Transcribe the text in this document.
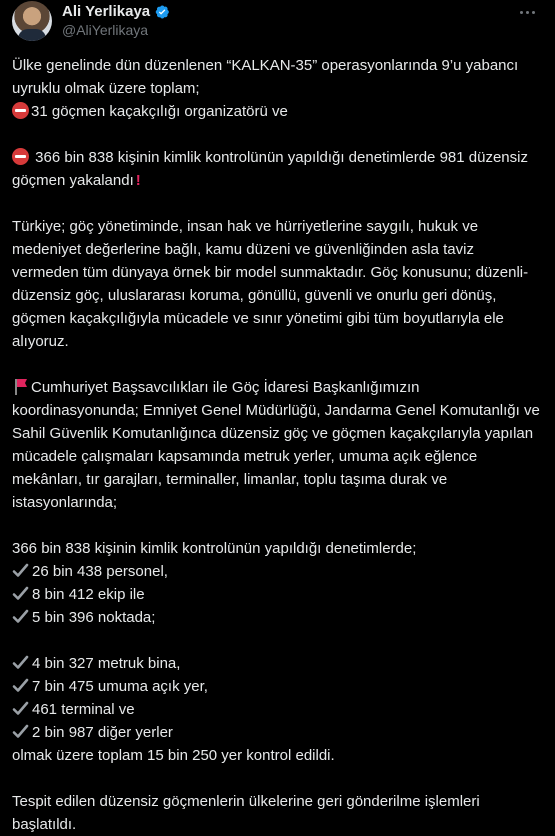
Ali Yerlikaya
@AliYerlikaya

Ülke genelinde dün düzenlenen “KALKAN-35” operasyonlarında 9’u yabancı uyruklu olmak üzere toplam;

31 göçmen kaçakçılığı organizatörü ve

366 bin 838 kişinin kimlik kontrolünün yapıldığı denetimlerde 981 düzensiz göçmen yakalandı !

Türkiye; göç yönetiminde, insan hak ve hürriyetlerine saygılı, hukuk ve medeniyet değerlerine bağlı, kamu düzeni ve güvenliğinden asla taviz vermeden tüm dünyaya örnek bir model sunmaktadır. Göç konusunu; düzenli-düzensiz göç, uluslararası koruma, gönüllü, güvenli ve onurlu geri dönüş, göçmen kaçakçılığıyla mücadele ve sınır yönetimi gibi tüm boyutlarıyla ele alıyoruz.

Cumhuriyet Başsavcılıkları ile Göç İdaresi Başkanlığımızın koordinasyonunda; Emniyet Genel Müdürlüğü, Jandarma Genel Komutanlığı ve Sahil Güvenlik Komutanlığınca düzensiz göç ve göçmen kaçakçılarıyla yapılan mücadele çalışmaları kapsamında metruk yerler, umuma açık eğlence mekânları, tır garajları, terminaller, limanlar, toplu taşıma durak ve istasyonlarında;

366 bin 838 kişinin kimlik kontrolünün yapıldığı denetimlerde;

26 bin 438 personel,

8 bin 412 ekip ile

5 bin 396 noktada;

4 bin 327 metruk bina,

7 bin 475 umuma açık yer,

461 terminal ve

2 bin 987 diğer yerler

olmak üzere toplam 15 bin 250 yer kontrol edildi.

Tespit edilen düzensiz göçmenlerin ülkelerine geri gönderilme işlemleri başlatıldı.
